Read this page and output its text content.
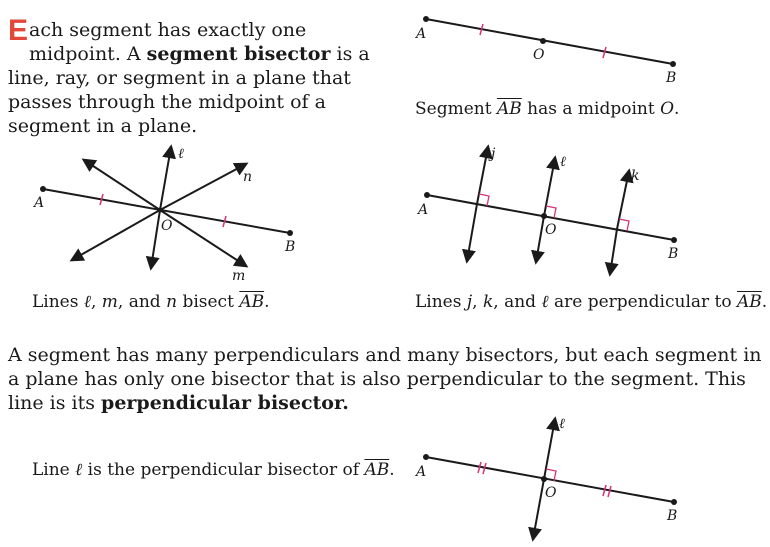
Each segment has exactly one midpoint. A segment bisector is a line, ray, or segment in a plane that passes through the midpoint of a segment in a plane.
Segment $\overline{AB}$ has a midpoint O.
Lines ℓ, m, and n bisect $\overline{AB}$.	Lines j, k, and ℓ are perpendicular to $\overline{AB}$.
A segment has many perpendiculars and many bisectors, but each segment in a plane has only one bisector that is also perpendicular to the segment. This line is its perpendicular bisector.
Line ℓ is the perpendicular bisector of $\overline{AB}$.
A
O
B
A
O
B
ℓ
m
n
A
O
B
j	ℓ
k
A
O
B
ℓ
